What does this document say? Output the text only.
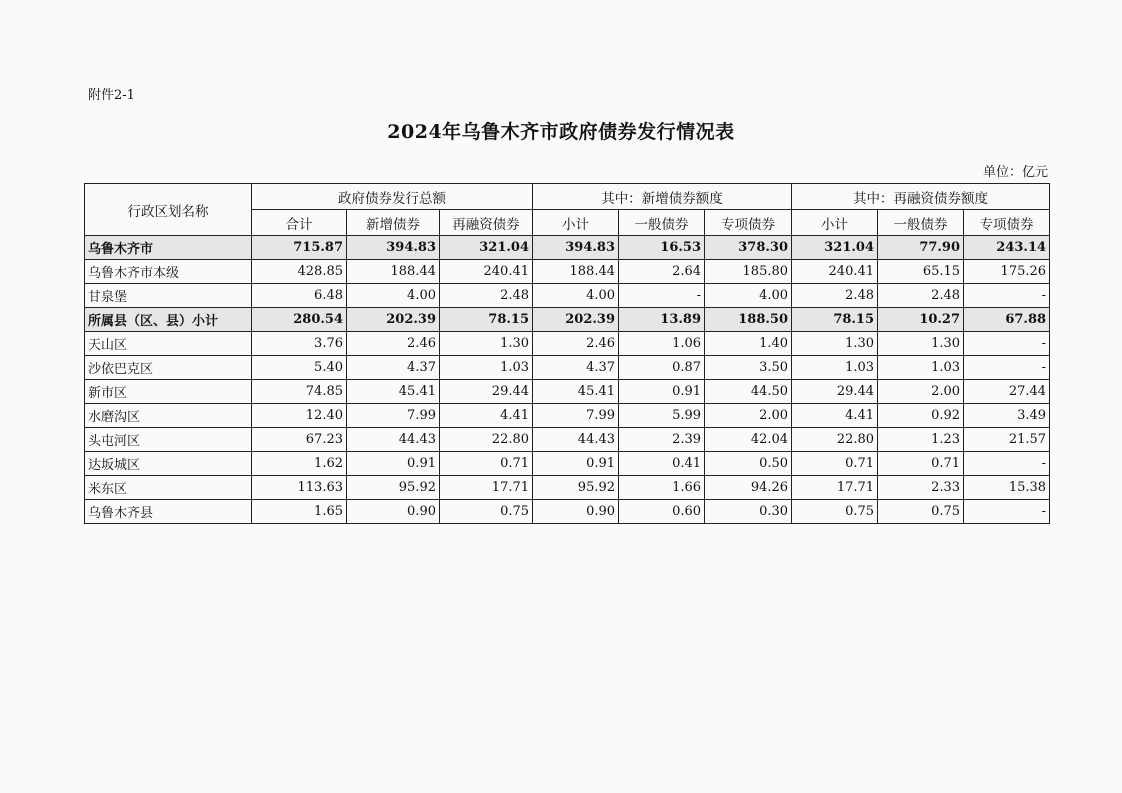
附件2-1
2024年乌鲁木齐市政府债券发行情况表
单位：亿元
行政区划名称	政府债券发行总额			其中：新增债券额度			其中：再融资债券额度		
	合计	新增债券	再融资债券	小计	一般债券	专项债券	小计	一般债券	专项债券
乌鲁木齐市	715.87	394.83	321.04	394.83	16.53	378.30	321.04	77.90	243.14
乌鲁木齐市本级	428.85	188.44	240.41	188.44	2.64	185.80	240.41	65.15	175.26
甘泉堡	6.48	4.00	2.48	4.00	-	4.00	2.48	2.48	-
所属县（区、县）小计	280.54	202.39	78.15	202.39	13.89	188.50	78.15	10.27	67.88
天山区	3.76	2.46	1.30	2.46	1.06	1.40	1.30	1.30	-
沙依巴克区	5.40	4.37	1.03	4.37	0.87	3.50	1.03	1.03	-
新市区	74.85	45.41	29.44	45.41	0.91	44.50	29.44	2.00	27.44
水磨沟区	12.40	7.99	4.41	7.99	5.99	2.00	4.41	0.92	3.49
头屯河区	67.23	44.43	22.80	44.43	2.39	42.04	22.80	1.23	21.57
达坂城区	1.62	0.91	0.71	0.91	0.41	0.50	0.71	0.71	-
米东区	113.63	95.92	17.71	95.92	1.66	94.26	17.71	2.33	15.38
乌鲁木齐县	1.65	0.90	0.75	0.90	0.60	0.30	0.75	0.75	-
